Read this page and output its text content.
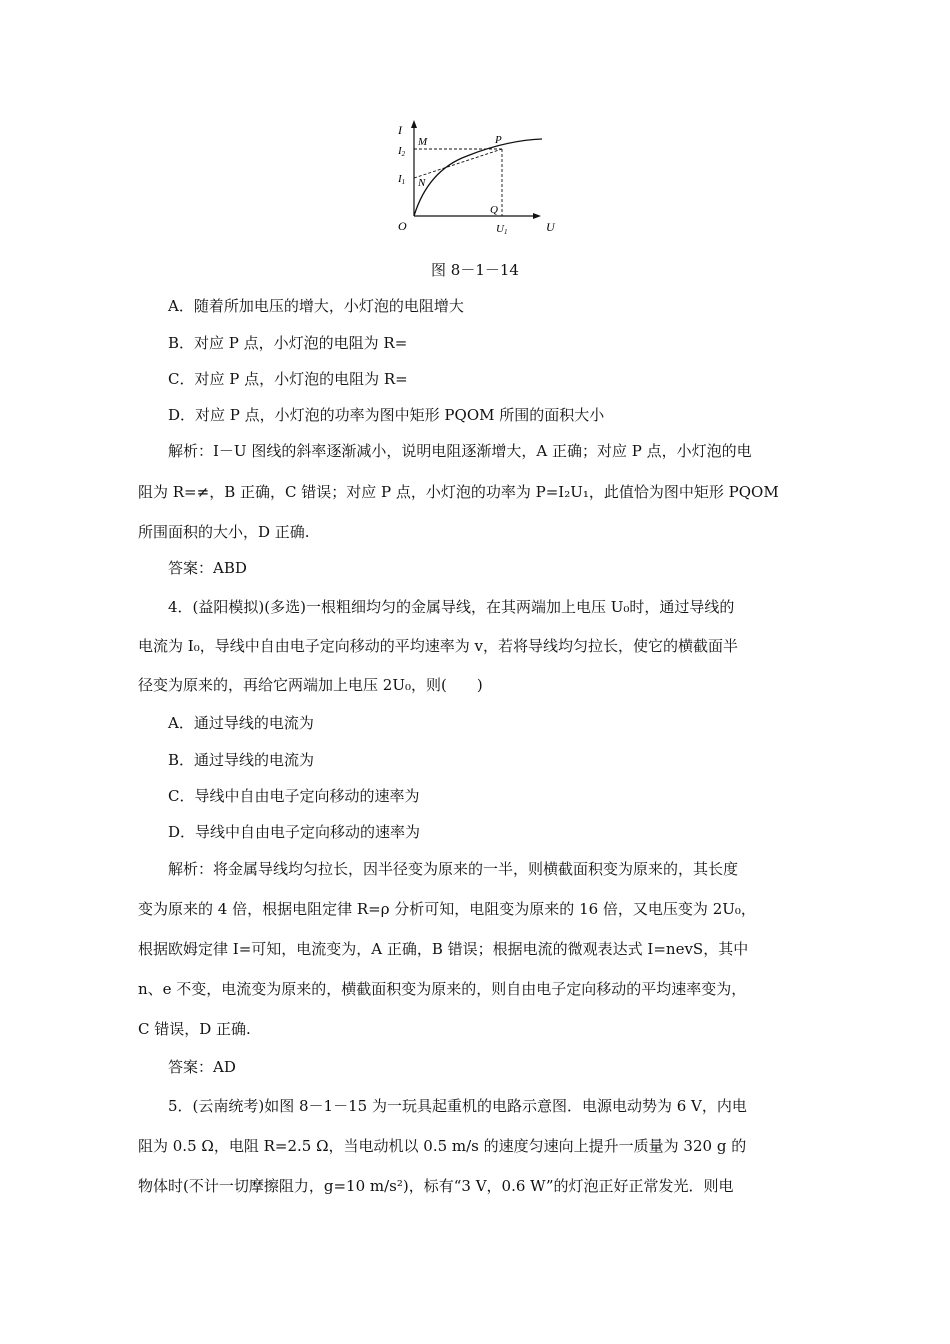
I
U
O
M	P
N
Q
I2
I1
U1
图 8－1－14
A．随着所加电压的增大，小灯泡的电阻增大
B．对应 P 点，小灯泡的电阻为 R=
C．对应 P 点，小灯泡的电阻为 R=
D．对应 P 点，小灯泡的功率为图中矩形 PQOM 所围的面积大小
解析：I－U 图线的斜率逐渐减小，说明电阻逐渐增大，A 正确；对应 P 点，小灯泡的电
阻为 R=≠，B 正确，C 错误；对应 P 点，小灯泡的功率为 P=I₂U₁，此值恰为图中矩形 PQOM
所围面积的大小，D 正确.
答案：ABD
4．(益阳模拟)(多选)一根粗细均匀的金属导线，在其两端加上电压 U₀时，通过导线的
电流为 I₀，导线中自由电子定向移动的平均速率为 v，若将导线均匀拉长，使它的横截面半
径变为原来的，再给它两端加上电压 2U₀，则(　　)
A．通过导线的电流为
B．通过导线的电流为
C．导线中自由电子定向移动的速率为
D．导线中自由电子定向移动的速率为
解析：将金属导线均匀拉长，因半径变为原来的一半，则横截面积变为原来的，其长度
变为原来的 4 倍，根据电阻定律 R=ρ 分析可知，电阻变为原来的 16 倍，又电压变为 2U₀，
根据欧姆定律 I=可知，电流变为，A 正确，B 错误；根据电流的微观表达式 I=nevS，其中
n、e 不变，电流变为原来的，横截面积变为原来的，则自由电子定向移动的平均速率变为，
C 错误，D 正确.
答案：AD
5．(云南统考)如图 8－1－15 为一玩具起重机的电路示意图．电源电动势为 6 V，内电
阻为 0.5 Ω，电阻 R=2.5 Ω，当电动机以 0.5 m/s 的速度匀速向上提升一质量为 320 g 的
物体时(不计一切摩擦阻力，g=10 m/s²)，标有“3 V，0.6 W”的灯泡正好正常发光．则电
